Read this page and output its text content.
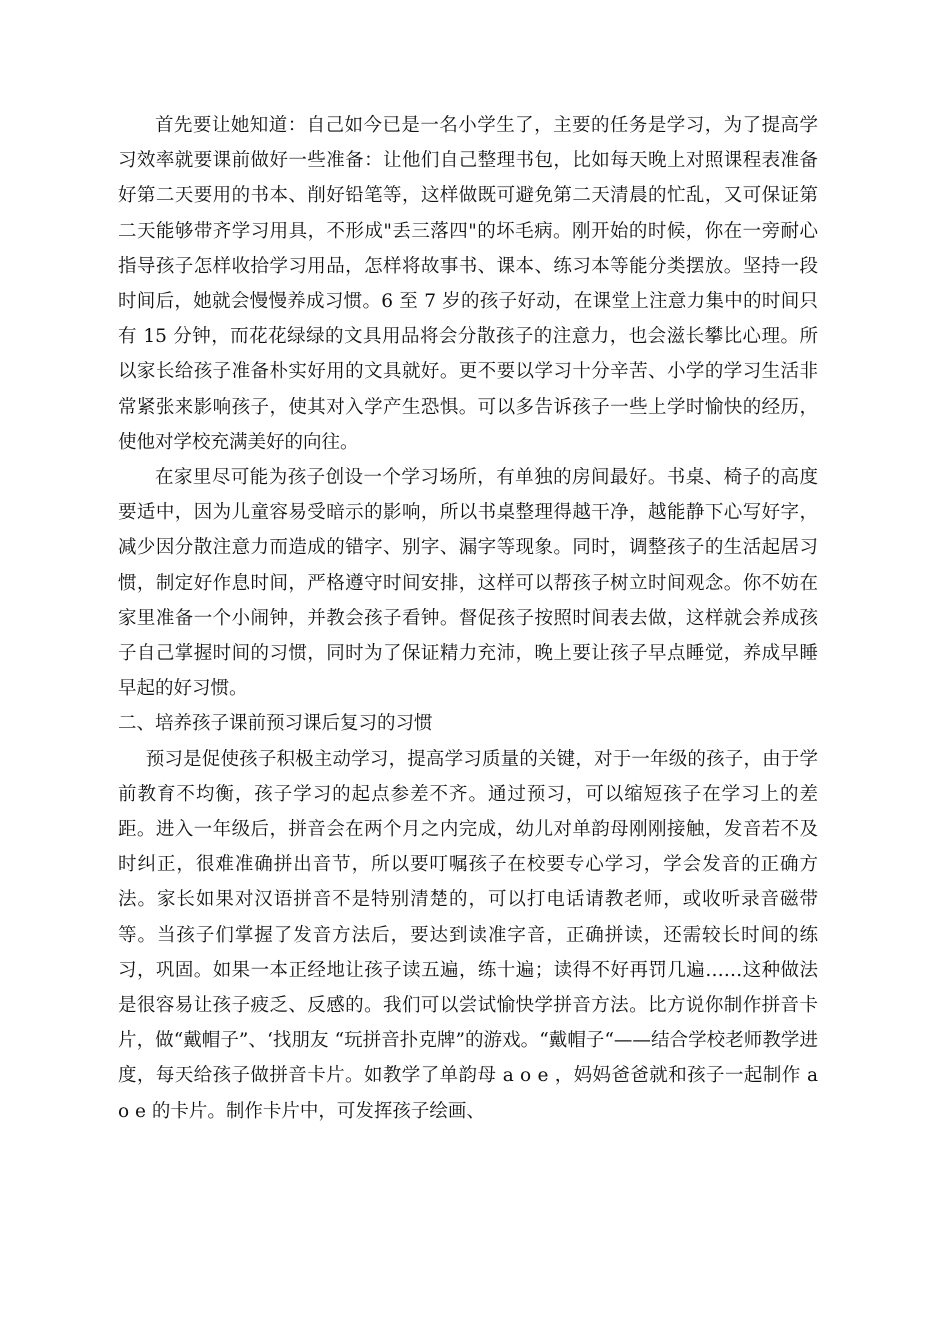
首先要让她知道：自己如今已是一名小学生了，主要的任务是学习，为了提高学习效率就要课前做好一些准备：让他们自己整理书包，比如每天晚上对照课程表准备好第二天要用的书本、削好铅笔等，这样做既可避免第二天清晨的忙乱，又可保证第二天能够带齐学习用具，不形成"丢三落四"的坏毛病。刚开始的时候，你在一旁耐心指导孩子怎样收拾学习用品，怎样将故事书、课本、练习本等能分类摆放。坚持一段时间后，她就会慢慢养成习惯。6 至 7 岁的孩子好动，在课堂上注意力集中的时间只有 15 分钟，而花花绿绿的文具用品将会分散孩子的注意力，也会滋长攀比心理。所以家长给孩子准备朴实好用的文具就好。更不要以学习十分辛苦、小学的学习生活非常紧张来影响孩子，使其对入学产生恐惧。可以多告诉孩子一些上学时愉快的经历，使他对学校充满美好的向往。

在家里尽可能为孩子创设一个学习场所，有单独的房间最好。书桌、椅子的高度要适中，因为儿童容易受暗示的影响，所以书桌整理得越干净，越能静下心写好字，减少因分散注意力而造成的错字、别字、漏字等现象。同时，调整孩子的生活起居习惯，制定好作息时间，严格遵守时间安排，这样可以帮孩子树立时间观念。你不妨在家里准备一个小闹钟，并教会孩子看钟。督促孩子按照时间表去做，这样就会养成孩子自己掌握时间的习惯，同时为了保证精力充沛，晚上要让孩子早点睡觉，养成早睡早起的好习惯。

二、培养孩子课前预习课后复习的习惯

预习是促使孩子积极主动学习，提高学习质量的关键，对于一年级的孩子，由于学前教育不均衡，孩子学习的起点参差不齐。通过预习，可以缩短孩子在学习上的差距。进入一年级后，拼音会在两个月之内完成，幼儿对单韵母刚刚接触，发音若不及时纠正，很难准确拼出音节，所以要叮嘱孩子在校要专心学习，学会发音的正确方法。家长如果对汉语拼音不是特别清楚的，可以打电话请教老师，或收听录音磁带等。当孩子们掌握了发音方法后，要达到读准字音，正确拼读，还需较长时间的练习，巩固。如果一本正经地让孩子读五遍，练十遍；读得不好再罚几遍……这种做法是很容易让孩子疲乏、反感的。我们可以尝试愉快学拼音方法。比方说你制作拼音卡片，做“戴帽子”、‘找朋友 “玩拼音扑克牌”的游戏。“戴帽子“——结合学校老师教学进度，每天给孩子做拼音卡片。如教学了单韵母 a o e ，妈妈爸爸就和孩子一起制作 a o e 的卡片。制作卡片中，可发挥孩子绘画、
